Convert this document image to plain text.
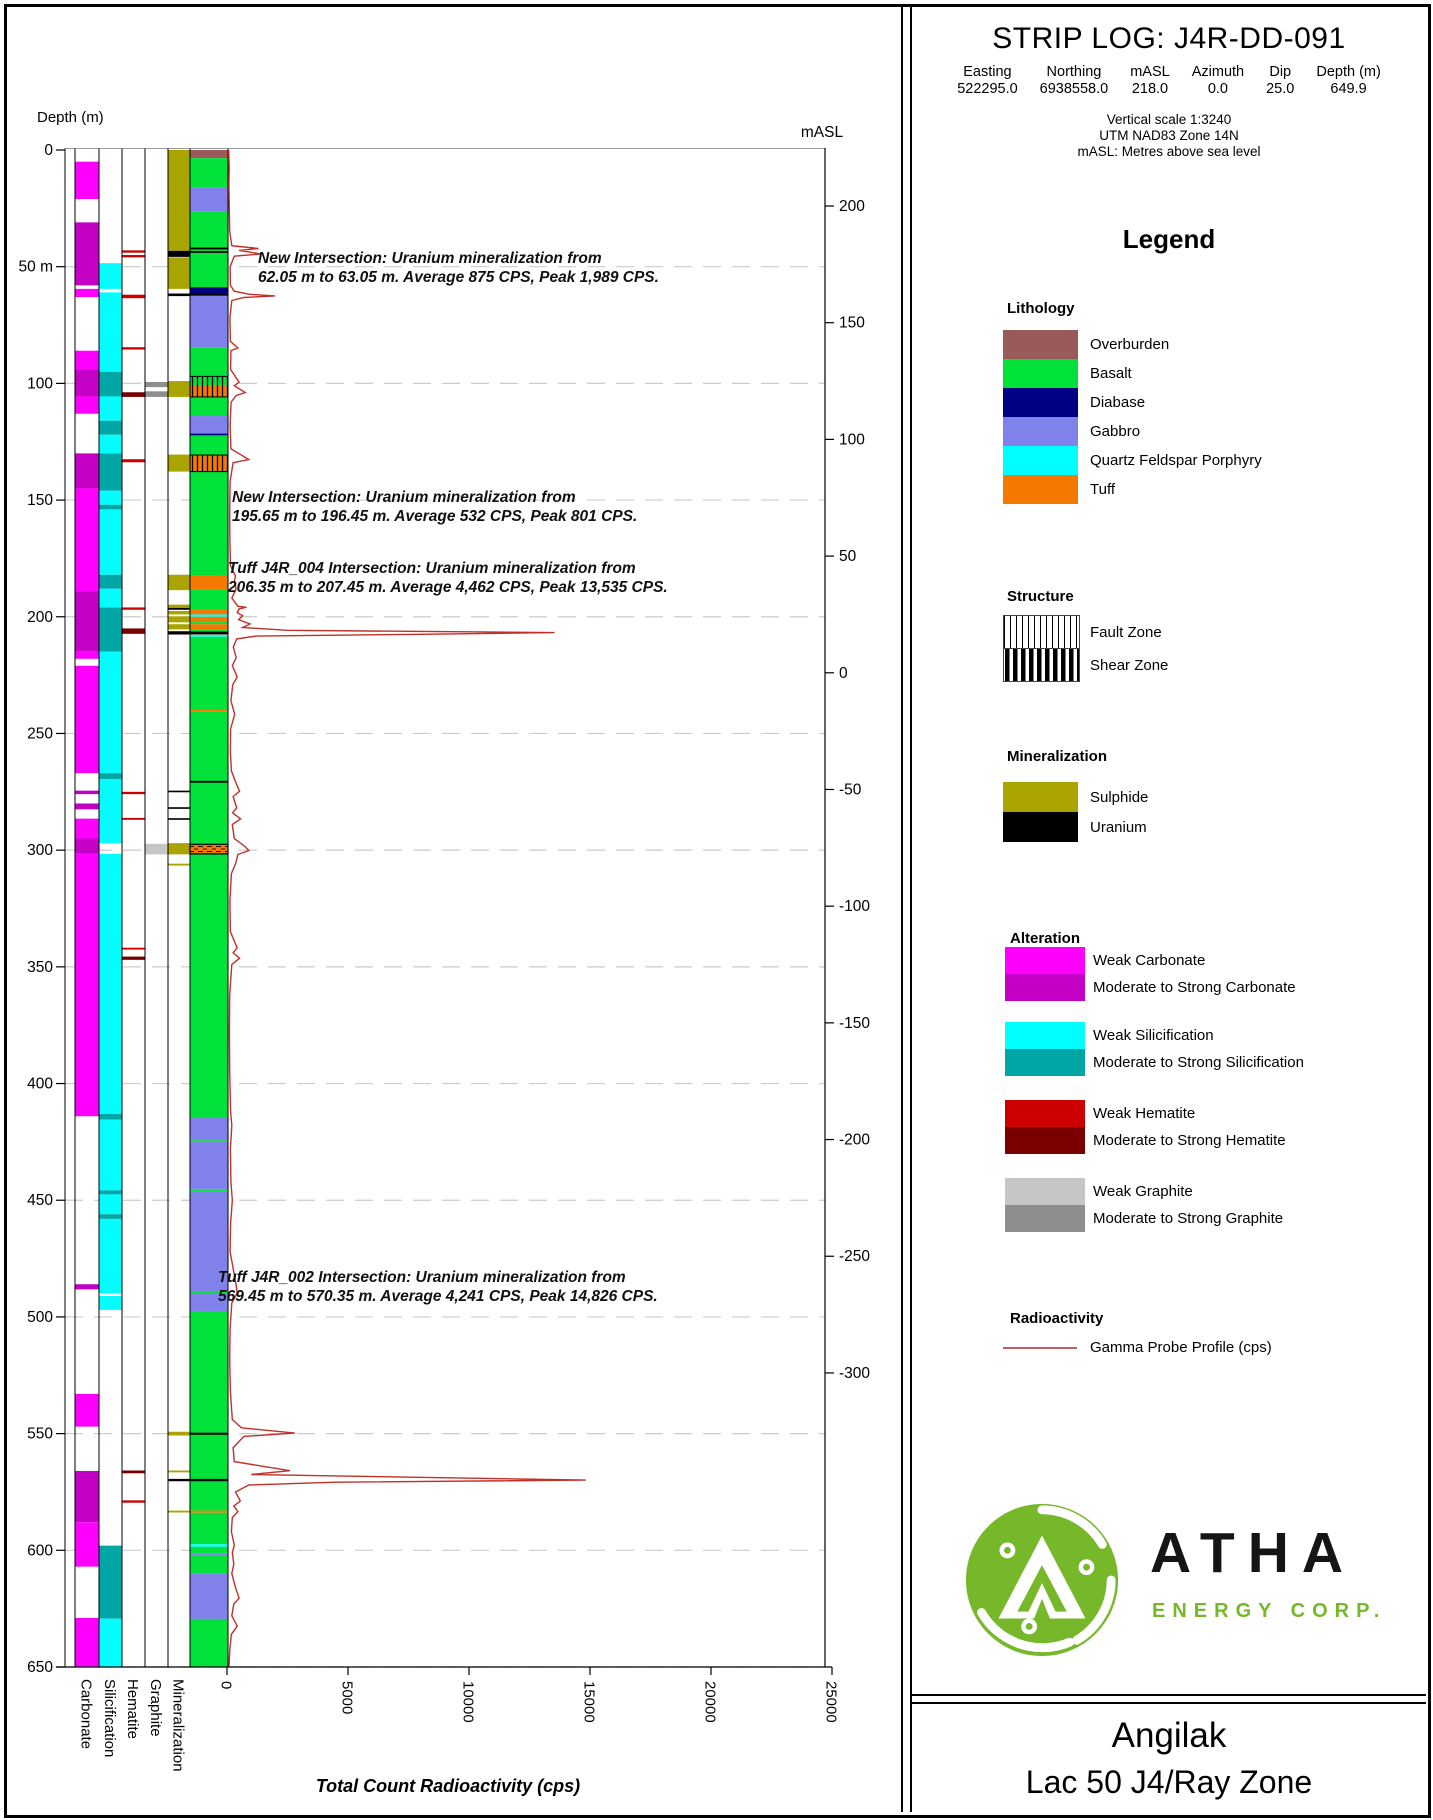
Depth (m)
0
50 m
100
150
200
250
300
350
400
450
500
550
600
650
mASL
200
150
100
50
0
-50
-100
-150
-200
-250
-300
0	5000	10000	15000	20000	25000
Total Count Radioactivity (cps)
Carbonate Silicification Hematite Graphite Mineralization
New Intersection: Uranium mineralization from
62.05 m to 63.05 m. Average 875 CPS, Peak 1,989 CPS.
New Intersection: Uranium mineralization from
195.65 m to 196.45 m. Average 532 CPS, Peak 801 CPS.
Tuff J4R_004 Intersection: Uranium mineralization from
206.35 m to 207.45 m. Average 4,462 CPS, Peak 13,535 CPS.
Tuff J4R_002 Intersection: Uranium mineralization from
569.45 m to 570.35 m. Average 4,241 CPS, Peak 14,826 CPS.
STRIP LOG: J4R-DD-091
Easting
522295.0
Northing
6938558.0
mASL
218.0
Azimuth
0.0
Dip
25.0
Depth (m)
649.9
Vertical scale 1:3240
UTM NAD83 Zone 14N
mASL: Metres above sea level
Legend
Lithology
Overburden
Basalt
Diabase
Gabbro
Quartz Feldspar Porphyry
Tuff
Structure
Fault Zone
Shear Zone
Mineralization
Sulphide
Uranium
Alteration
Weak Carbonate
Moderate to Strong Carbonate
Weak Silicification
Moderate to Strong Silicification
Weak Hematite
Moderate to Strong Hematite
Weak Graphite
Moderate to Strong Graphite
Radioactivity
Gamma Probe Profile (cps)
ATHA
ENERGY CORP.
Angilak
Lac 50 J4/Ray Zone
